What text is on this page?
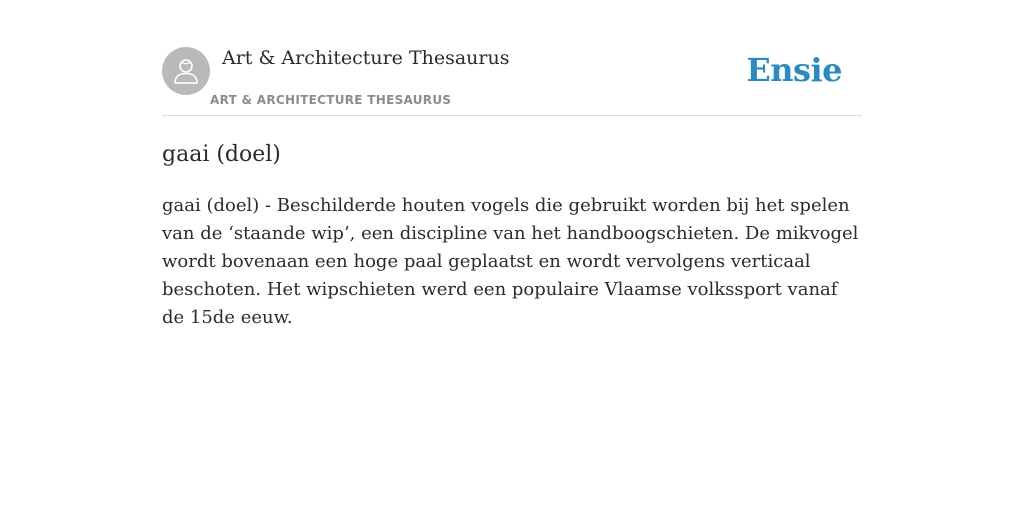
Art & Architecture Thesaurus
ART & ARCHITECTURE THESAURUS
Ensie
gaai (doel)

gaai (doel) - Beschilderde houten vogels die gebruikt worden bij het spelen van de ‘staande wip’, een discipline van het handboogschieten. De mikvogel wordt bovenaan een hoge paal geplaatst en wordt vervolgens verticaal beschoten. Het wipschieten werd een populaire Vlaamse volkssport vanaf de 15de eeuw.
